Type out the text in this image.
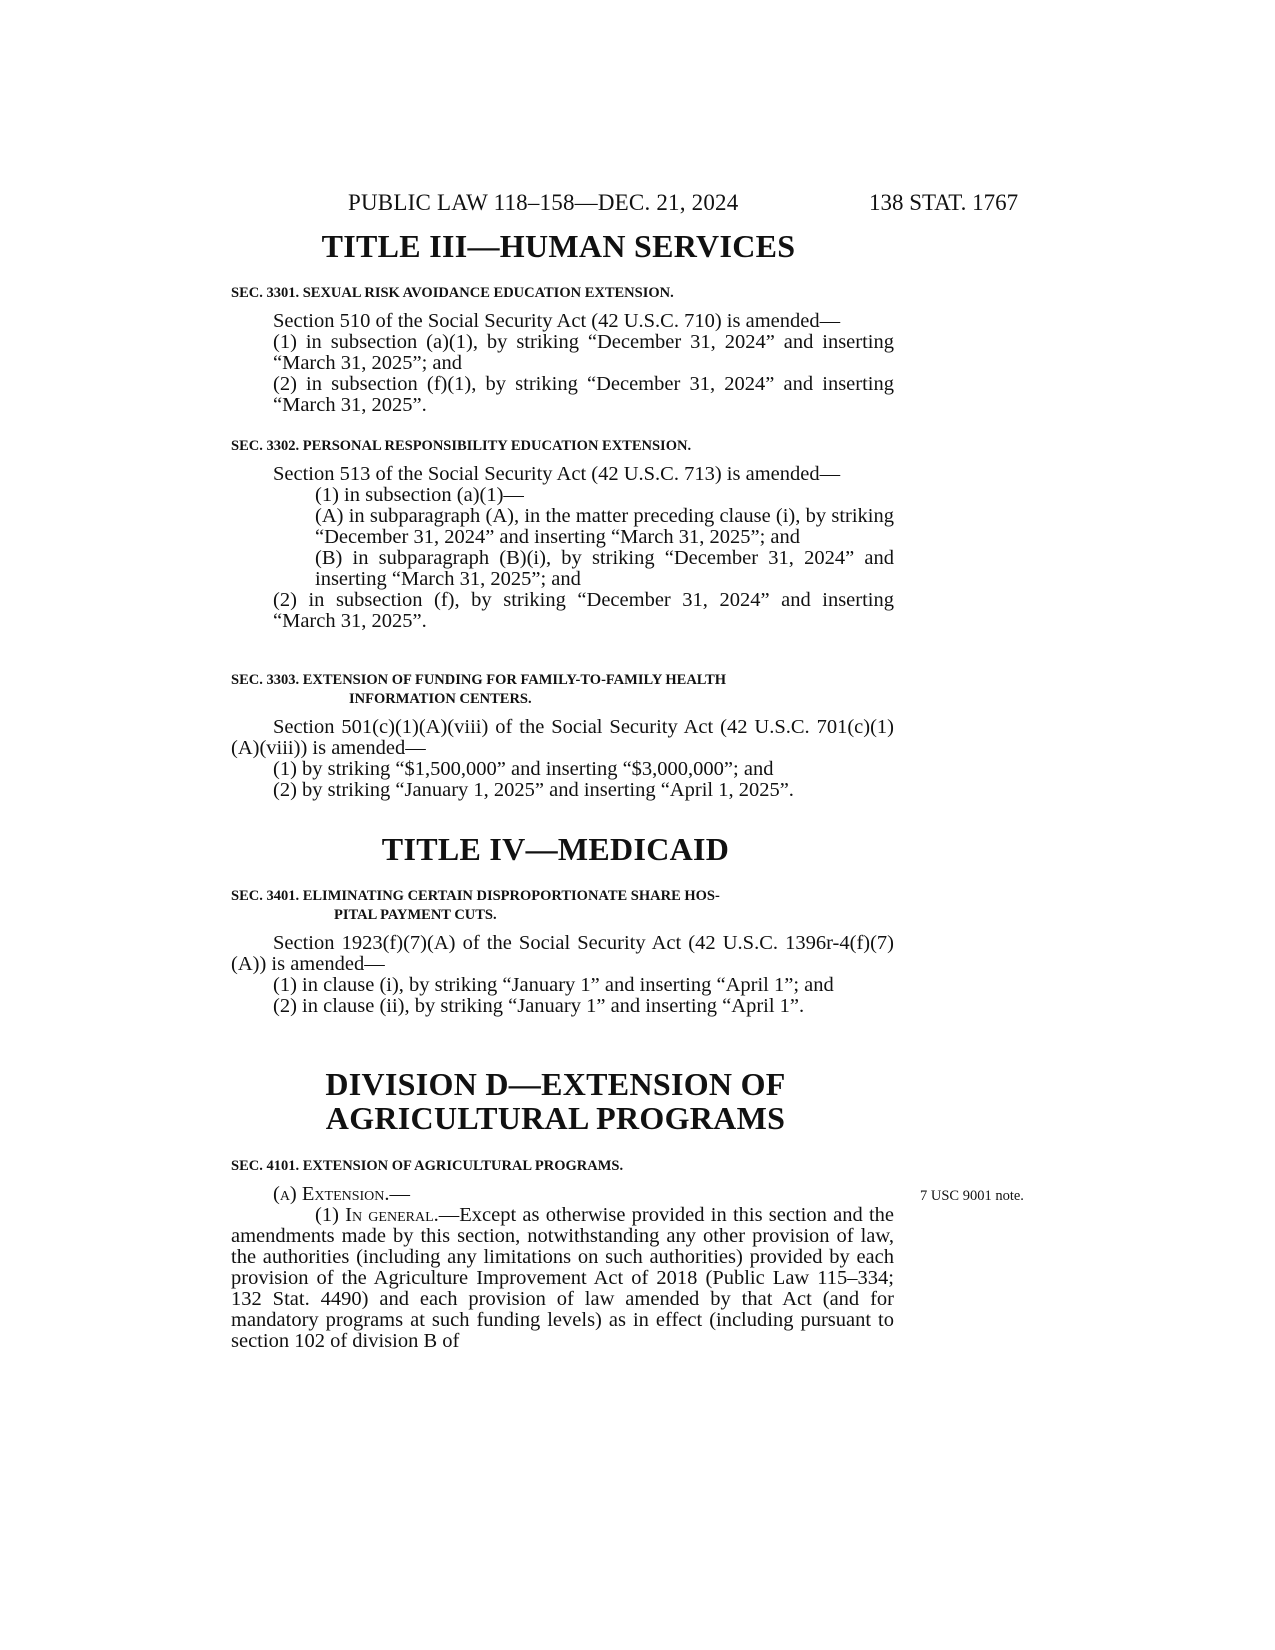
PUBLIC LAW 118–158—DEC. 21, 2024	138 STAT. 1767
TITLE III—HUMAN SERVICES
SEC. 3301. SEXUAL RISK AVOIDANCE EDUCATION EXTENSION.

Section 510 of the Social Security Act (42 U.S.C. 710) is amended—

(1) in subsection (a)(1), by striking “December 31, 2024” and inserting “March 31, 2025”; and

(2) in subsection (f)(1), by striking “December 31, 2024” and inserting “March 31, 2025”.

SEC. 3302. PERSONAL RESPONSIBILITY EDUCATION EXTENSION.

Section 513 of the Social Security Act (42 U.S.C. 713) is amended—

(1) in subsection (a)(1)—

(A) in subparagraph (A), in the matter preceding clause (i), by striking “December 31, 2024” and inserting “March 31, 2025”; and

(B) in subparagraph (B)(i), by striking “December 31, 2024” and inserting “March 31, 2025”; and

(2) in subsection (f), by striking “December 31, 2024” and inserting “March 31, 2025”.

SEC. 3303. EXTENSION OF FUNDING FOR FAMILY-TO-FAMILY HEALTH
INFORMATION CENTERS.

Section 501(c)(1)(A)(viii) of the Social Security Act (42 U.S.C. 701(c)(1)(A)(viii)) is amended—

(1) by striking “$1,500,000” and inserting “$3,000,000”; and

(2) by striking “January 1, 2025” and inserting “April 1, 2025”.

TITLE IV—MEDICAID
SEC. 3401. ELIMINATING CERTAIN DISPROPORTIONATE SHARE HOS-
PITAL PAYMENT CUTS.

Section 1923(f)(7)(A) of the Social Security Act (42 U.S.C. 1396r-4(f)(7)(A)) is amended—

(1) in clause (i), by striking “January 1” and inserting “April 1”; and

(2) in clause (ii), by striking “January 1” and inserting “April 1”.

DIVISION D—EXTENSION OF
AGRICULTURAL PROGRAMS
SEC. 4101. EXTENSION OF AGRICULTURAL PROGRAMS.

(a) Extension.—

(1) In general.—Except as otherwise provided in this section and the amendments made by this section, notwithstanding any other provision of law, the authorities (including any limitations on such authorities) provided by each provision of the Agriculture Improvement Act of 2018 (Public Law 115–334; 132 Stat. 4490) and each provision of law amended by that Act (and for mandatory programs at such funding levels) as in effect (including pursuant to section 102 of division B of

7 USC 9001 note.
